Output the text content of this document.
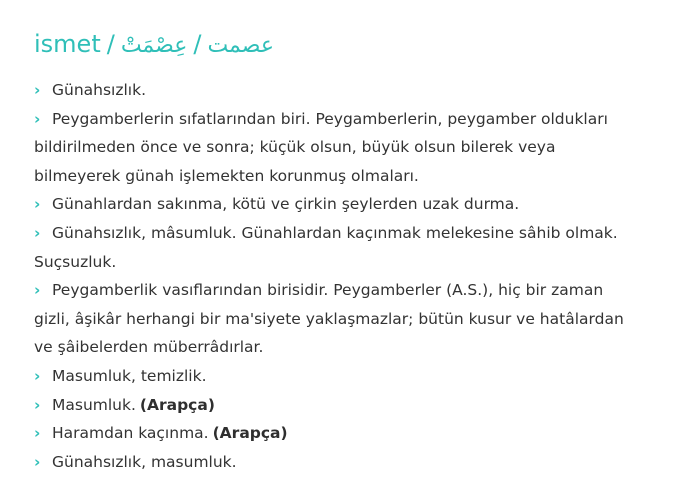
ismet / عِصْمَتْ / عصمت
› Günahsızlık.
› Peygamberlerin sıfatlarından biri. Peygamberlerin, peygamber oldukları bildirilmeden önce ve sonra; küçük olsun, büyük olsun bilerek veya bilmeyerek günah işlemekten korunmuş olmaları.
› Günahlardan sakınma, kötü ve çirkin şeylerden uzak durma.
› Günahsızlık, mâsumluk. Günahlardan kaçınmak melekesine sâhib olmak. Suçsuzluk.
› Peygamberlik vasıflarından birisidir. Peygamberler (A.S.), hiç bir zaman gizli, âşikâr herhangi bir ma'siyete yaklaşmazlar; bütün kusur ve hatâlardan ve şâibelerden müberrâdırlar.
› Masumluk, temizlik.
› Masumluk. (Arapça)
› Haramdan kaçınma. (Arapça)
› Günahsızlık, masumluk.
